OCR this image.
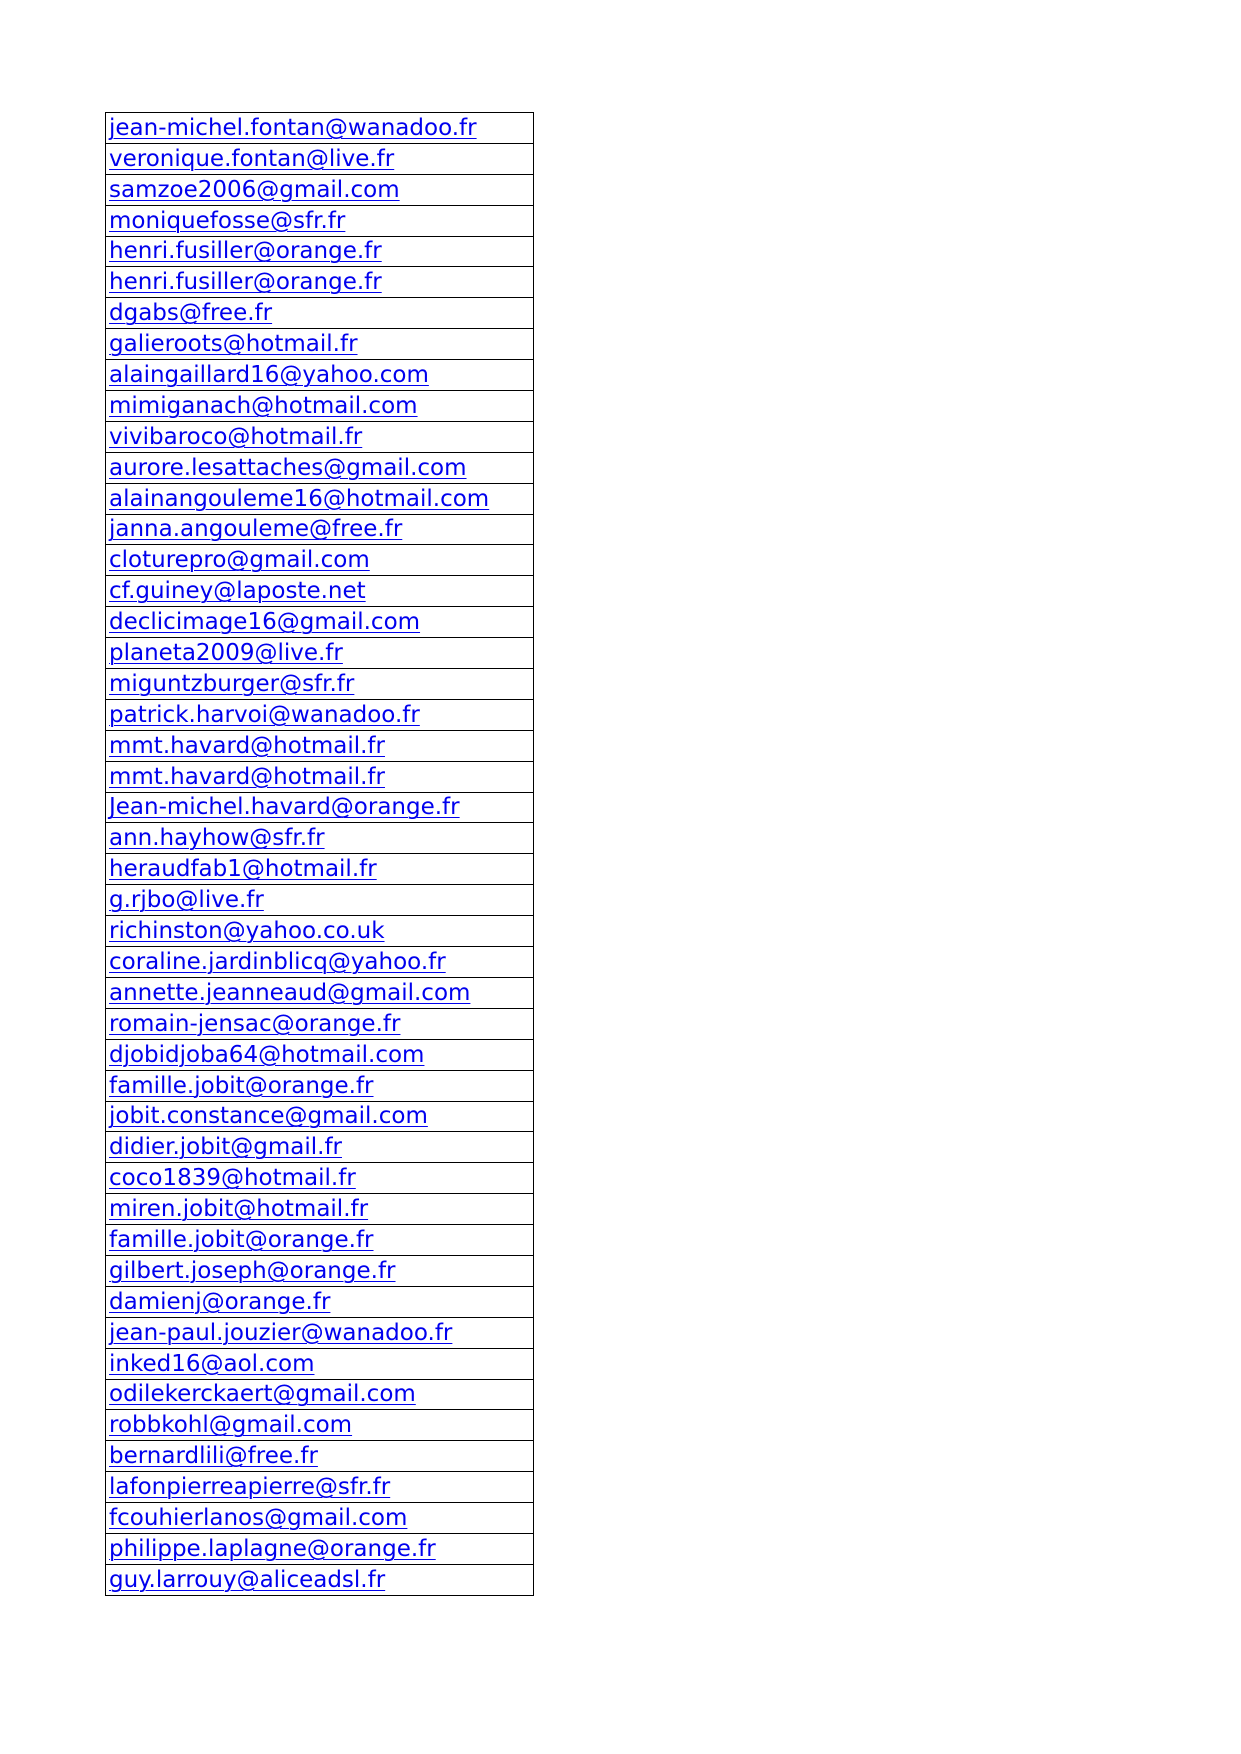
jean-michel.fontan@wanadoo.fr
veronique.fontan@live.fr
samzoe2006@gmail.com
moniquefosse@sfr.fr
henri.fusiller@orange.fr
henri.fusiller@orange.fr
dgabs@free.fr
galieroots@hotmail.fr
alaingaillard16@yahoo.com
mimiganach@hotmail.com
vivibaroco@hotmail.fr
aurore.lesattaches@gmail.com
alainangouleme16@hotmail.com
janna.angouleme@free.fr
cloturepro@gmail.com
cf.guiney@laposte.net
declicimage16@gmail.com
planeta2009@live.fr
miguntzburger@sfr.fr
patrick.harvoi@wanadoo.fr
mmt.havard@hotmail.fr
mmt.havard@hotmail.fr
Jean-michel.havard@orange.fr
ann.hayhow@sfr.fr
heraudfab1@hotmail.fr
g.rjbo@live.fr
richinston@yahoo.co.uk
coraline.jardinblicq@yahoo.fr
annette.jeanneaud@gmail.com
romain-jensac@orange.fr
djobidjoba64@hotmail.com
famille.jobit@orange.fr
jobit.constance@gmail.com
didier.jobit@gmail.fr
coco1839@hotmail.fr
miren.jobit@hotmail.fr
famille.jobit@orange.fr
gilbert.joseph@orange.fr
damienj@orange.fr
jean-paul.jouzier@wanadoo.fr
inked16@aol.com
odilekerckaert@gmail.com
robbkohl@gmail.com
bernardlili@free.fr
lafonpierreapierre@sfr.fr
fcouhierlanos@gmail.com
philippe.laplagne@orange.fr
guy.larrouy@aliceadsl.fr
